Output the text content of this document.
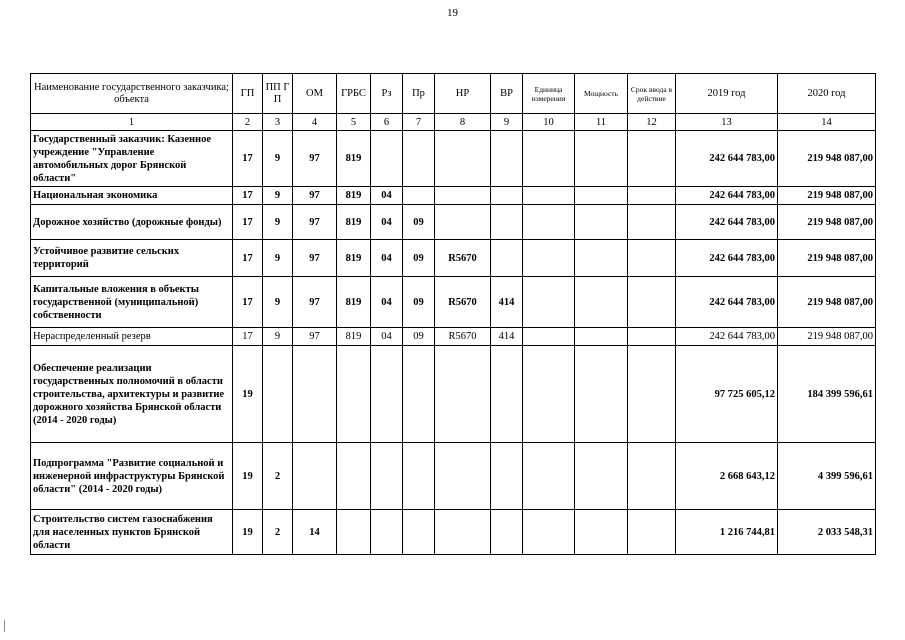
19
Наименование государственного заказчика; объекта	ГП	ПП Г П	ОМ	ГРБС	Рз	Пр	НР	ВР	Единица измерения	Мощность	Срок ввода в действие	2019 год	2020 год
1	2	3	4	5	6	7	8	9	10	11	12	13	14
Государственный заказчик: Казенное учреждение "Управление автомобильных дорог Брянской области"	17	9	97	819								242 644 783,00	219 948 087,00
Национальная экономика	17	9	97	819	04							242 644 783,00	219 948 087,00
Дорожное хозяйство (дорожные фонды)	17	9	97	819	04	09						242 644 783,00	219 948 087,00
Устойчивое развитие сельских территорий	17	9	97	819	04	09	R5670					242 644 783,00	219 948 087,00
Капитальные вложения в объекты государственной (муниципальной) собственности	17	9	97	819	04	09	R5670	414				242 644 783,00	219 948 087,00
Нераспределенный резерв	17	9	97	819	04	09	R5670	414				242 644 783,00	219 948 087,00
Обеспечение реализации государственных полномочий в области строительства, архитектуры и развитие дорожного хозяйства Брянской области (2014 - 2020 годы)	19											97 725 605,12	184 399 596,61
Подпрограмма "Развитие социальной и инженерной инфраструктуры Брянской области" (2014 - 2020 годы)	19	2										2 668 643,12	4 399 596,61
Строительство систем газоснабжения для населенных пунктов Брянской области	19	2	14									1 216 744,81	2 033 548,31
